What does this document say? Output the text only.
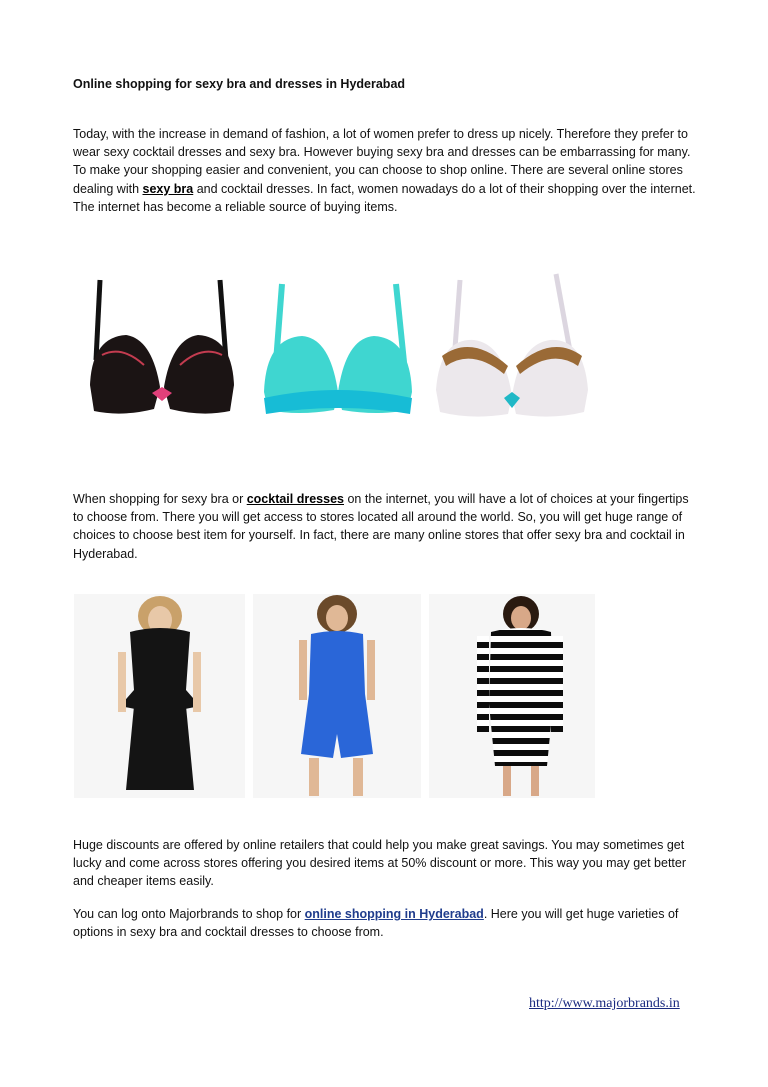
Online shopping for sexy bra and dresses in Hyderabad

Today, with the increase in demand of fashion, a lot of women prefer to dress up nicely. Therefore they prefer to wear sexy cocktail dresses and sexy bra. However buying sexy bra and dresses can be embarrassing for many. To make your shopping easier and convenient, you can choose to shop online. There are several online stores dealing with sexy bra and cocktail dresses. In fact, women nowadays do a lot of their shopping over the internet. The internet has become a reliable source of buying items.

When shopping for sexy bra or cocktail dresses on the internet, you will have a lot of choices at your fingertips to choose from. There you will get access to stores located all around the world. So, you will get huge range of choices to choose best item for yourself. In fact, there are many online stores that offer sexy bra and cocktail in Hyderabad.

Huge discounts are offered by online retailers that could help you make great savings. You may sometimes get lucky and come across stores offering you desired items at 50% discount or more. This way you may get better and cheaper items easily.

You can log onto Majorbrands to shop for online shopping in Hyderabad. Here you will get huge varieties of options in sexy bra and cocktail dresses to choose from.

http://www.majorbrands.in
